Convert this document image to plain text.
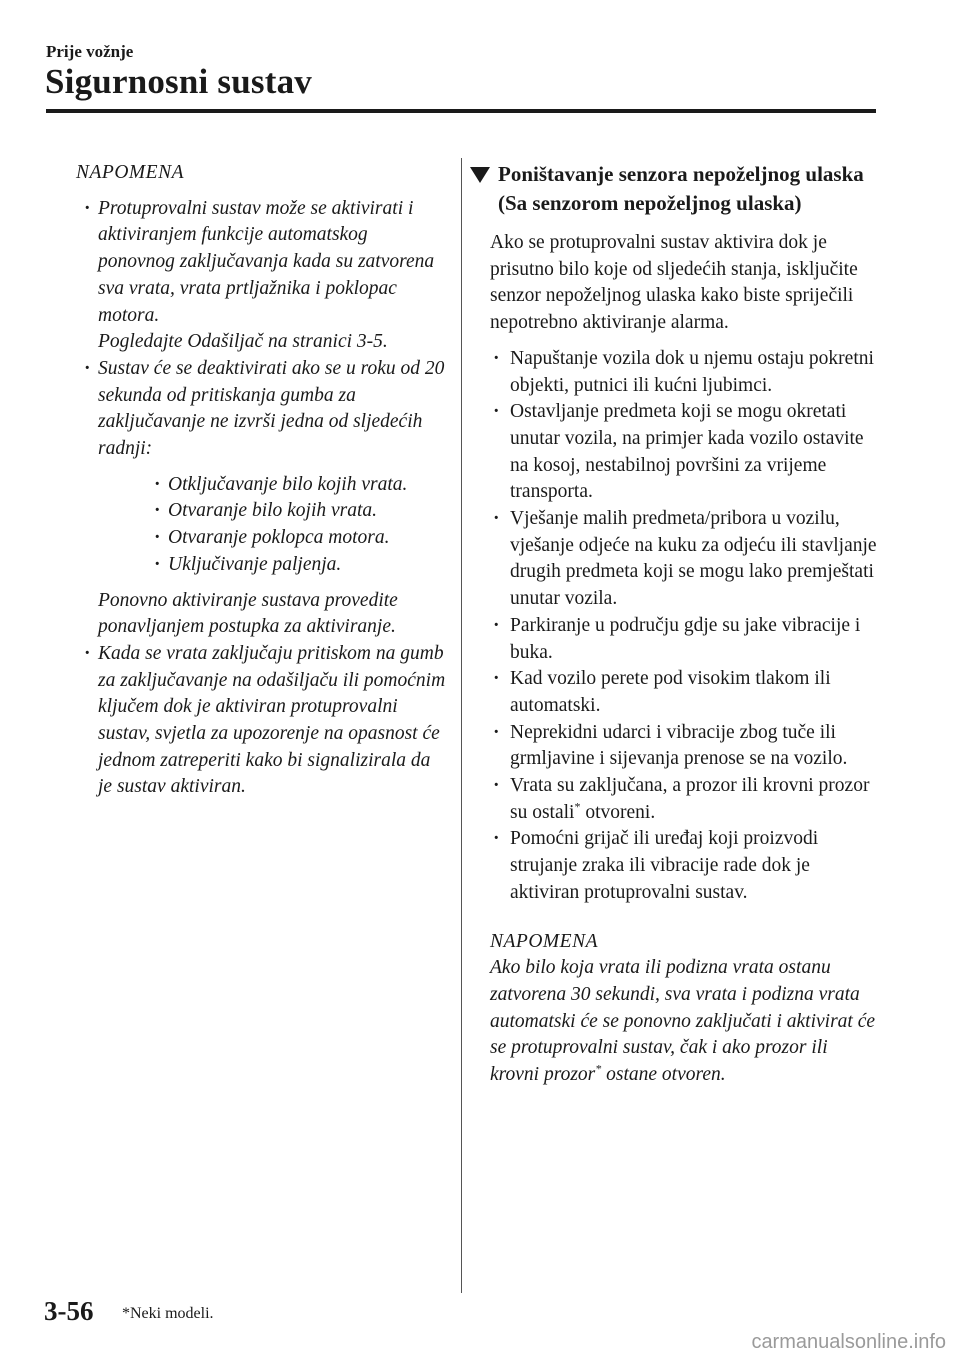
Prije vožnje
Sigurnosni sustav
NAPOMENA
· Protuprovalni sustav može se aktivirati i aktiviranjem funkcije automatskog ponovnog zaključavanja kada su zatvorena sva vrata, vrata prtljažnika i poklopac motora.
Pogledajte Odašiljač na stranici 3-5.
· Sustav će se deaktivirati ako se u roku od 20 sekunda od pritiskanja gumba za zaključavanje ne izvrši jedna od sljedećih radnji:
· Otključavanje bilo kojih vrata.
· Otvaranje bilo kojih vrata.
· Otvaranje poklopca motora.
· Uključivanje paljenja.
Ponovno aktiviranje sustava provedite ponavljanjem postupka za aktiviranje.
· Kada se vrata zaključaju pritiskom na gumb za zaključavanje na odašiljaču ili pomoćnim ključem dok je aktiviran protuprovalni sustav, svjetla za upozorenje na opasnost će jednom zatreperiti kako bi signalizirala da je sustav aktiviran.
Poništavanje senzora nepoželjnog ulaska (Sa senzorom nepoželjnog ulaska)
Ako se protuprovalni sustav aktivira dok je prisutno bilo koje od sljedećih stanja, isključite senzor nepoželjnog ulaska kako biste spriječili nepotrebno aktiviranje alarma.
· Napuštanje vozila dok u njemu ostaju pokretni objekti, putnici ili kućni ljubimci.
· Ostavljanje predmeta koji se mogu okretati unutar vozila, na primjer kada vozilo ostavite na kosoj, nestabilnoj površini za vrijeme transporta.
· Vješanje malih predmeta/pribora u vozilu, vješanje odjeće na kuku za odjeću ili stavljanje drugih predmeta koji se mogu lako premještati unutar vozila.
· Parkiranje u području gdje su jake vibracije i buka.
· Kad vozilo perete pod visokim tlakom ili automatski.
· Neprekidni udarci i vibracije zbog tuče ili grmljavine i sijevanja prenose se na vozilo.
· Vrata su zaključana, a prozor ili krovni prozor su ostali* otvoreni.
· Pomoćni grijač ili uređaj koji proizvodi strujanje zraka ili vibracije rade dok je aktiviran protuprovalni sustav.
NAPOMENA
Ako bilo koja vrata ili podizna vrata ostanu zatvorena 30 sekundi, sva vrata i podizna vrata automatski će se ponovno zaključati i aktivirat će se protuprovalni sustav, čak i ako prozor ili krovni prozor* ostane otvoren.
3-56 *Neki modeli.
carmanualsonline.info
